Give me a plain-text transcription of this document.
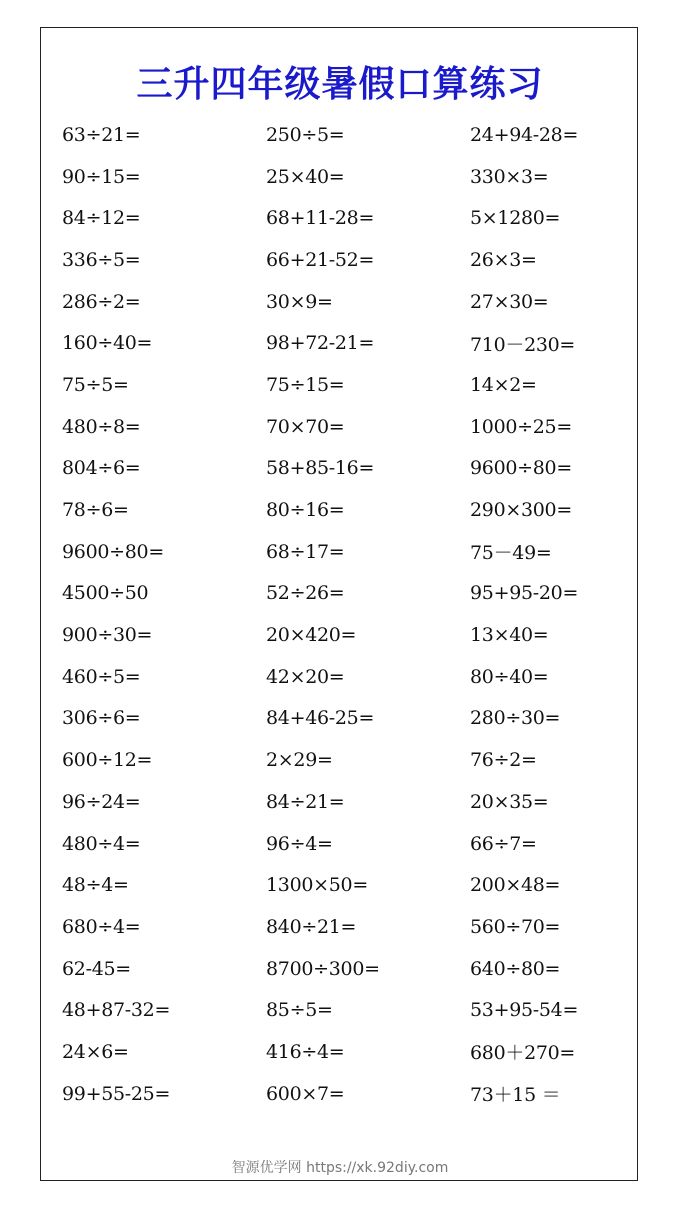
三升四年级暑假口算练习
63÷21=	250÷5=	24+94-28=
90÷15=	25×40=	330×3=
84÷12=	68+11-28=	5×1280=
336÷5=	66+21-52=	26×3=
286÷2=	30×9=	27×30=
160÷40=	98+72-21=	710－230=
75÷5=	75÷15=	14×2=
480÷8=	70×70=	1000÷25=
804÷6=	58+85-16=	9600÷80=
78÷6=	80÷16=	290×300=
9600÷80=	68÷17=	75－49=
4500÷50	52÷26=	95+95-20=
900÷30=	20×420=	13×40=
460÷5=	42×20=	80÷40=
306÷6=	84+46-25=	280÷30=
600÷12=	2×29=	76÷2=
96÷24=	84÷21=	20×35=
480÷4=	96÷4=	66÷7=
48÷4=	1300×50=	200×48=
680÷4=	840÷21=	560÷70=
62-45=	8700÷300=	640÷80=
48+87-32=	85÷5=	53+95-54=
24×6=	416÷4=	680＋270=
99+55-25=	600×7=	73＋15 ＝
智源优学网 https://xk.92diy.com
